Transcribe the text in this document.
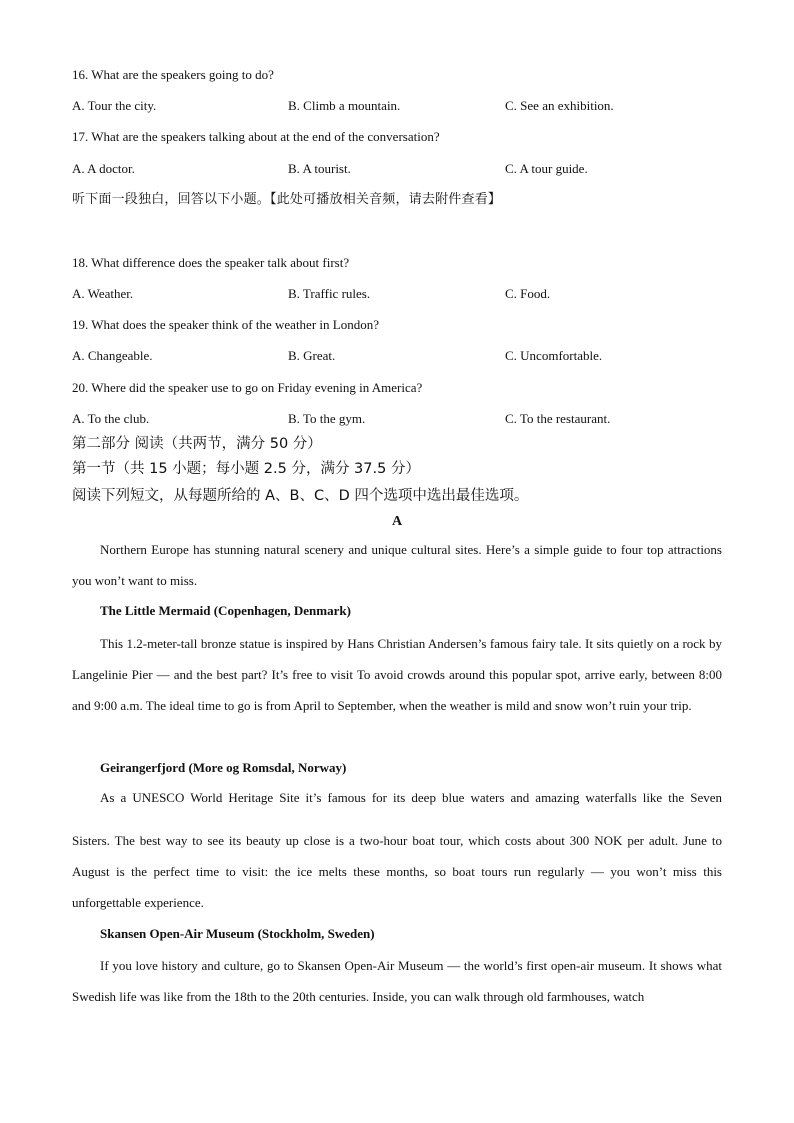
16. What are the speakers going to do?
A. Tour the city.	B. Climb a mountain.	C. See an exhibition.
17. What are the speakers talking about at the end of the conversation?
A. A doctor.	B. A tourist.	C. A tour guide.
听下面一段独白，回答以下小题。【此处可播放相关音频，请去附件查看】
18. What difference does the speaker talk about first?
A. Weather.	B. Traffic rules.	C. Food.
19. What does the speaker think of the weather in London?
A. Changeable.	B. Great.	C. Uncomfortable.
20. Where did the speaker use to go on Friday evening in America?
A. To the club.	B. To the gym.	C. To the restaurant.
第二部分 阅读（共两节，满分 50 分）
第一节（共 15 小题；每小题 2.5 分，满分 37.5 分）
阅读下列短文，从每题所给的 A、B、C、D 四个选项中选出最佳选项。
A
Northern Europe has stunning natural scenery and unique cultural sites. Here’s a simple guide to four top attractions you won’t want to miss.
The Little Mermaid (Copenhagen, Denmark)
This 1.2-meter-tall bronze statue is inspired by Hans Christian Andersen’s famous fairy tale. It sits quietly on a rock by Langelinie Pier — and the best part? It’s free to visit To avoid crowds around this popular spot, arrive early, between 8:00 and 9:00 a.m. The ideal time to go is from April to September, when the weather is mild and snow won’t ruin your trip.
Geirangerfjord (More og Romsdal, Norway)
As a UNESCO World Heritage Site it’s famous for its deep blue waters and amazing waterfalls like the Seven
Sisters. The best way to see its beauty up close is a two-hour boat tour, which costs about 300 NOK per adult. June to August is the perfect time to visit: the ice melts these months, so boat tours run regularly — you won’t miss this unforgettable experience.
Skansen Open-Air Museum (Stockholm, Sweden)
If you love history and culture, go to Skansen Open-Air Museum — the world’s first open-air museum. It shows what Swedish life was like from the 18th to the 20th centuries. Inside, you can walk through old farmhouses, watch
